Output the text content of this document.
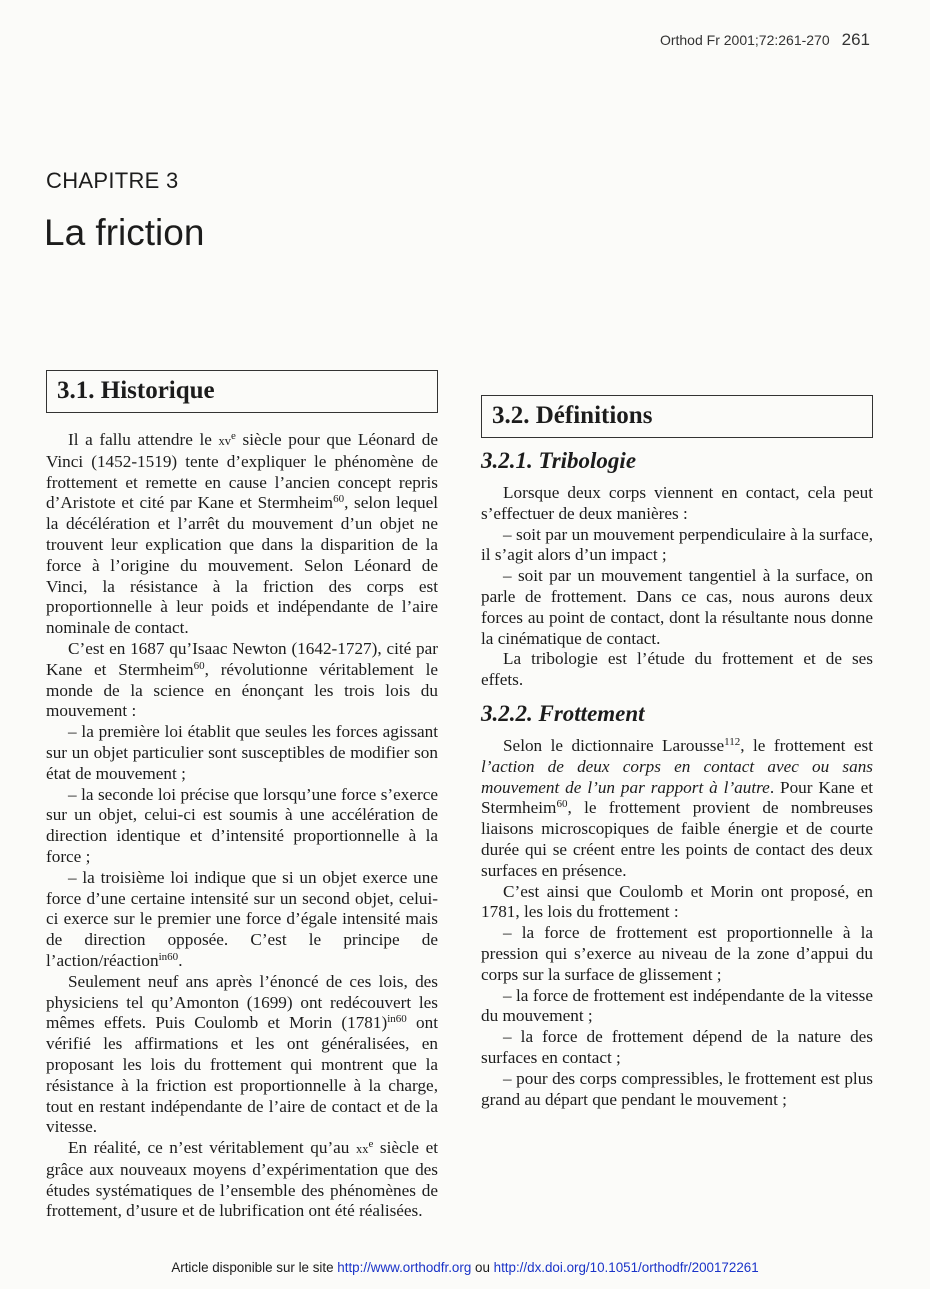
Orthod Fr 2001;72:261-270 261
CHAPITRE 3
La friction
3.1. Historique

Il a fallu attendre le $xv^e$ siècle pour que Léonard de Vinci (1452-1519) tente d’expliquer le phénomène de frottement et remette en cause l’ancien concept repris d’Aristote et cité par Kane et Stermheim$^{60}$, selon lequel la décélération et l’arrêt du mouvement d’un objet ne trouvent leur explication que dans la disparition de la force à l’origine du mouvement. Selon Léonard de Vinci, la résistance à la friction des corps est proportionnelle à leur poids et indépendante de l’aire nominale de contact.

C’est en 1687 qu’Isaac Newton (1642-1727), cité par Kane et Stermheim$^{60}$, révolutionne véritablement le monde de la science en énonçant les trois lois du mouvement :

– la première loi établit que seules les forces agissant sur un objet particulier sont susceptibles de modifier son état de mouvement ;

– la seconde loi précise que lorsqu’une force s’exerce sur un objet, celui-ci est soumis à une accélération de direction identique et d’intensité proportionnelle à la force ;

– la troisième loi indique que si un objet exerce une force d’une certaine intensité sur un second objet, celui-ci exerce sur le premier une force d’égale intensité mais de direction opposée. C’est le principe de l’action/réaction$^{in60}$.

Seulement neuf ans après l’énoncé de ces lois, des physiciens tel qu’Amonton (1699) ont redécouvert les mêmes effets. Puis Coulomb et Morin $(1781)^{in60}$ ont vérifié les affirmations et les ont généralisées, en proposant les lois du frottement qui montrent que la résistance à la friction est proportionnelle à la charge, tout en restant indépendante de l’aire de contact et de la vitesse.

En réalité, ce n’est véritablement qu’au $xx^e$ siècle et grâce aux nouveaux moyens d’expérimentation que des études systématiques de l’ensemble des phénomènes de frottement, d’usure et de lubrification ont été réalisées.

3.2. Définitions
3.2.1. Tribologie

Lorsque deux corps viennent en contact, cela peut s’effectuer de deux manières :

– soit par un mouvement perpendiculaire à la surface, il s’agit alors d’un impact ;

– soit par un mouvement tangentiel à la surface, on parle de frottement. Dans ce cas, nous aurons deux forces au point de contact, dont la résultante nous donne la cinématique de contact.

La tribologie est l’étude du frottement et de ses effets.

3.2.2. Frottement

Selon le dictionnaire Larousse$^{112}$, le frottement est l’action de deux corps en contact avec ou sans mouvement de l’un par rapport à l’autre. Pour Kane et Stermheim$^{60}$, le frottement provient de nombreuses liaisons microscopiques de faible énergie et de courte durée qui se créent entre les points de contact des deux surfaces en présence.

C’est ainsi que Coulomb et Morin ont proposé, en 1781, les lois du frottement :

– la force de frottement est proportionnelle à la pression qui s’exerce au niveau de la zone d’appui du corps sur la surface de glissement ;

– la force de frottement est indépendante de la vitesse du mouvement ;

– la force de frottement dépend de la nature des surfaces en contact ;

– pour des corps compressibles, le frottement est plus grand au départ que pendant le mouvement ;

Article disponible sur le site http://www.orthodfr.org ou http://dx.doi.org/10.1051/orthodfr/200172261
